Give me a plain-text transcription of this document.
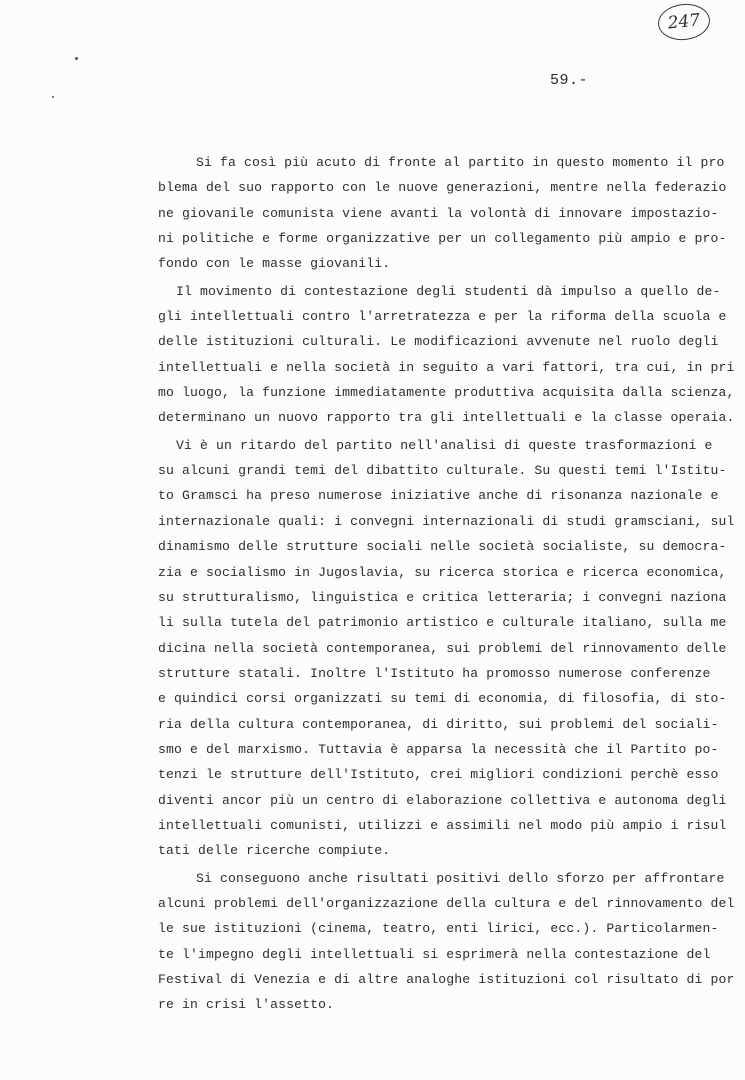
247
59.-
Si fa così più acuto di fronte al partito in questo momento il pro
blema del suo rapporto con le nuove generazioni, mentre nella federazio
ne giovanile comunista viene avanti la volontà di innovare impostazio-
ni politiche e forme organizzative per un collegamento più ampio e pro-
fondo con le masse giovanili.
Il movimento di contestazione degli studenti dà impulso a quello de-
gli intellettuali contro l'arretratezza e per la riforma della scuola e
delle istituzioni culturali. Le modificazioni avvenute nel ruolo degli
intellettuali e nella società in seguito a vari fattori, tra cui, in pri
mo luogo, la funzione immediatamente produttiva acquisita dalla scienza,
determinano un nuovo rapporto tra gli intellettuali e la classe operaia.
Vi è un ritardo del partito nell'analisi di queste trasformazioni e
su alcuni grandi temi del dibattito culturale. Su questi temi l'Istitu-
to Gramsci ha preso numerose iniziative anche di risonanza nazionale e
internazionale quali: i convegni internazionali di studi gramsciani, sul
dinamismo delle strutture sociali nelle società socialiste, su democra-
zia e socialismo in Jugoslavia, su ricerca storica e ricerca economica,
su strutturalismo, linguistica e critica letteraria; i convegni naziona
li sulla tutela del patrimonio artistico e culturale italiano, sulla me
dicina nella società contemporanea, sui problemi del rinnovamento delle
strutture statali. Inoltre l'Istituto ha promosso numerose conferenze
e quindici corsi organizzati su temi di economia, di filosofia, di sto-
ria della cultura contemporanea, di diritto, sui problemi del sociali-
smo e del marxismo. Tuttavia è apparsa la necessità che il Partito po-
tenzi le strutture dell'Istituto, crei migliori condizioni perchè esso
diventi ancor più un centro di elaborazione collettiva e autonoma degli
intellettuali comunisti, utilizzi e assimili nel modo più ampio i risul
tati delle ricerche compiute.
Si conseguono anche risultati positivi dello sforzo per affrontare
alcuni problemi dell'organizzazione della cultura e del rinnovamento del
le sue istituzioni (cinema, teatro, enti lirici, ecc.). Particolarmen-
te l'impegno degli intellettuali si esprimerà nella contestazione del
Festival di Venezia e di altre analoghe istituzioni col risultato di por
re in crisi l'assetto.
